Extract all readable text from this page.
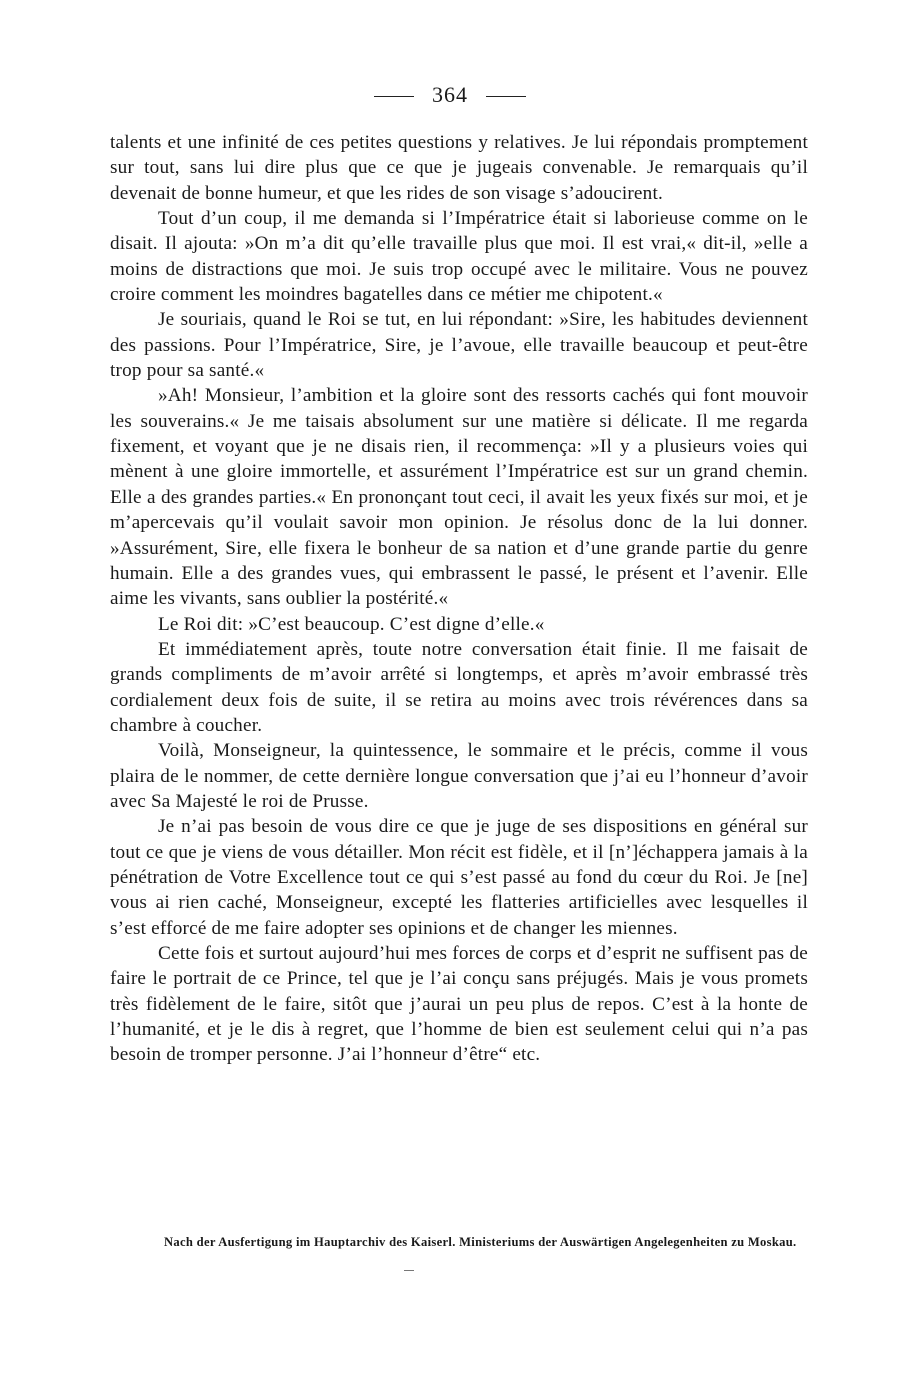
364

talents et une infinité de ces petites questions y relatives. Je lui répondais promptement sur tout, sans lui dire plus que ce que je jugeais convenable. Je remarquais qu’il devenait de bonne humeur, et que les rides de son visage s’adoucirent.

Tout d’un coup, il me demanda si l’Impératrice était si laborieuse comme on le disait. Il ajouta: »On m’a dit qu’elle travaille plus que moi. Il est vrai,« dit-il, »elle a moins de distractions que moi. Je suis trop occupé avec le militaire. Vous ne pouvez croire comment les moindres bagatelles dans ce métier me chipotent.«

Je souriais, quand le Roi se tut, en lui répondant: »Sire, les habitudes deviennent des passions. Pour l’Impératrice, Sire, je l’avoue, elle travaille beaucoup et peut-être trop pour sa santé.«

»Ah! Monsieur, l’ambition et la gloire sont des ressorts cachés qui font mouvoir les souverains.« Je me taisais absolument sur une matière si délicate. Il me regarda fixement, et voyant que je ne disais rien, il recommença: »Il y a plusieurs voies qui mènent à une gloire immortelle, et assurément l’Impératrice est sur un grand chemin. Elle a des grandes parties.« En prononçant tout ceci, il avait les yeux fixés sur moi, et je m’apercevais qu’il voulait savoir mon opinion. Je résolus donc de la lui donner. »Assurément, Sire, elle fixera le bonheur de sa nation et d’une grande partie du genre humain. Elle a des grandes vues, qui embrassent le passé, le présent et l’avenir. Elle aime les vivants, sans oublier la postérité.«

Le Roi dit: »C’est beaucoup. C’est digne d’elle.«

Et immédiatement après, toute notre conversation était finie. Il me faisait de grands compliments de m’avoir arrêté si longtemps, et après m’avoir embrassé très cordialement deux fois de suite, il se retira au moins avec trois révérences dans sa chambre à coucher.

Voilà, Monseigneur, la quintessence, le sommaire et le précis, comme il vous plaira de le nommer, de cette dernière longue conversation que j’ai eu l’honneur d’avoir avec Sa Majesté le roi de Prusse.

Je n’ai pas besoin de vous dire ce que je juge de ses dispositions en général sur tout ce que je viens de vous détailler. Mon récit est fidèle, et il [n’]échappera jamais à la pénétration de Votre Excellence tout ce qui s’est passé au fond du cœur du Roi. Je [ne] vous ai rien caché, Monseigneur, excepté les flatteries artificielles avec lesquelles il s’est efforcé de me faire adopter ses opinions et de changer les miennes.

Cette fois et surtout aujourd’hui mes forces de corps et d’esprit ne suffisent pas de faire le portrait de ce Prince, tel que je l’ai conçu sans préjugés. Mais je vous promets très fidèlement de le faire, sitôt que j’aurai un peu plus de repos. C’est à la honte de l’humanité, et je le dis à regret, que l’homme de bien est seulement celui qui n’a pas besoin de tromper personne. J’ai l’honneur d’être“ etc.

Nach der Ausfertigung im Hauptarchiv des Kaiserl. Ministeriums der Auswärtigen Angelegenheiten zu Moskau.
